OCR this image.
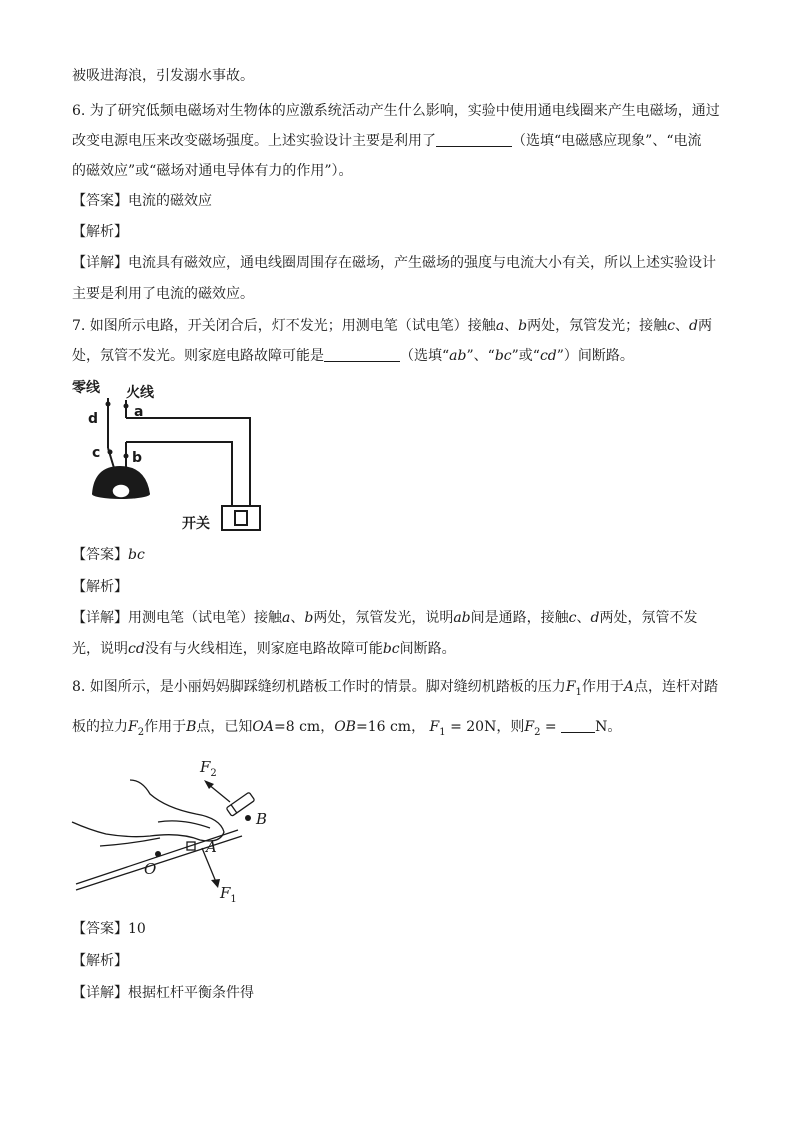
被吸进海浪，引发溺水事故。
6. 为了研究低频电磁场对生物体的应激系统活动产生什么影响，实验中使用通电线圈来产生电磁场，通过
改变电源电压来改变磁场强度。上述实验设计主要是利用了	（选填“电磁感应现象”、“电流
的磁效应”或“磁场对通电导体有力的作用”）。
【答案】电流的磁效应
【解析】
【详解】电流具有磁效应，通电线圈周围存在磁场，产生磁场的强度与电流大小有关，所以上述实验设计
主要是利用了电流的磁效应。
7. 如图所示电路，开关闭合后，灯不发光；用测电笔（试电笔）接触a、b两处，氖管发光；接触c、d两
处，氖管不发光。则家庭电路故障可能是	（选填“ab”、“bc”或“cd”）间断路。
零线 火线
开关
d	a
c b
【答案】bc
【解析】
【详解】用测电笔（试电笔）接触a、b两处，氖管发光，说明ab间是通路，接触c、d两处，氖管不发
光，说明cd没有与火线相连，则家庭电路故障可能bc间断路。
8. 如图所示，是小丽妈妈脚踩缝纫机踏板工作时的情景。脚对缝纫机踏板的压力$F_1$作用于A点，连杆对踏
板的拉力$F_2$作用于B点，已知OA=8 cm，OB=16 cm， $F_1 = 20N$，则$F_2$ =	N。
$F_2$
B
A
O
$F_1$
【答案】10
【解析】
【详解】根据杠杆平衡条件得
